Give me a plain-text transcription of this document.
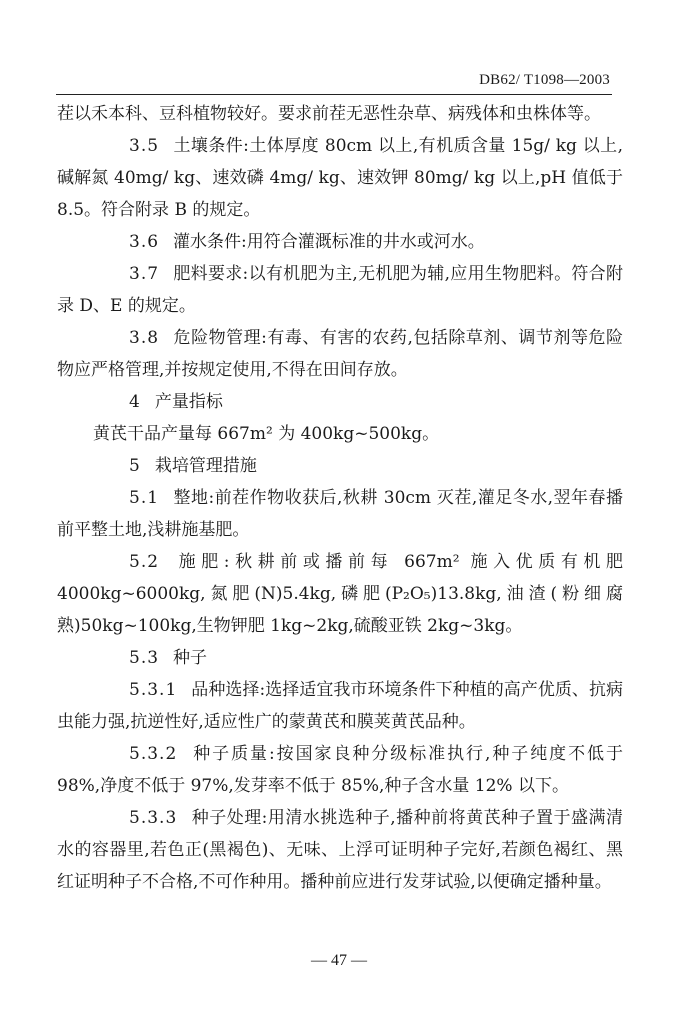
DB62/ T1098—2003

茬以禾本科、豆科植物较好。要求前茬无恶性杂草、病残体和虫株体等。

3.5 土壤条件:土体厚度 80cm 以上,有机质含量 15g/ kg 以上,碱解氮 40mg/ kg、速效磷 4mg/ kg、速效钾 80mg/ kg 以上,pH 值低于 8.5。符合附录 B 的规定。

3.6 灌水条件:用符合灌溉标准的井水或河水。

3.7 肥料要求:以有机肥为主,无机肥为辅,应用生物肥料。符合附录 D、E 的规定。

3.8 危险物管理:有毒、有害的农药,包括除草剂、调节剂等危险物应严格管理,并按规定使用,不得在田间存放。

4 产量指标

黄芪干品产量每 667m² 为 400kg~500kg。

5 栽培管理措施

5.1 整地:前茬作物收获后,秋耕 30cm 灭茬,灌足冬水,翌年春播前平整土地,浅耕施基肥。

5.2 施肥:秋耕前或播前每 667m² 施入优质有机肥 4000kg~6000kg,氮肥(N)5.4kg,磷肥(P₂O₅)13.8kg,油渣(粉细腐熟)50kg~100kg,生物钾肥 1kg~2kg,硫酸亚铁 2kg~3kg。

5.3 种子

5.3.1 品种选择:选择适宜我市环境条件下种植的高产优质、抗病虫能力强,抗逆性好,适应性广的蒙黄芪和膜荚黄芪品种。

5.3.2 种子质量:按国家良种分级标准执行,种子纯度不低于 98%,净度不低于 97%,发芽率不低于 85%,种子含水量 12% 以下。

5.3.3 种子处理:用清水挑选种子,播种前将黄芪种子置于盛满清水的容器里,若色正(黑褐色)、无味、上浮可证明种子完好,若颜色褐红、黑红证明种子不合格,不可作种用。播种前应进行发芽试验,以便确定播种量。

— 47 —
